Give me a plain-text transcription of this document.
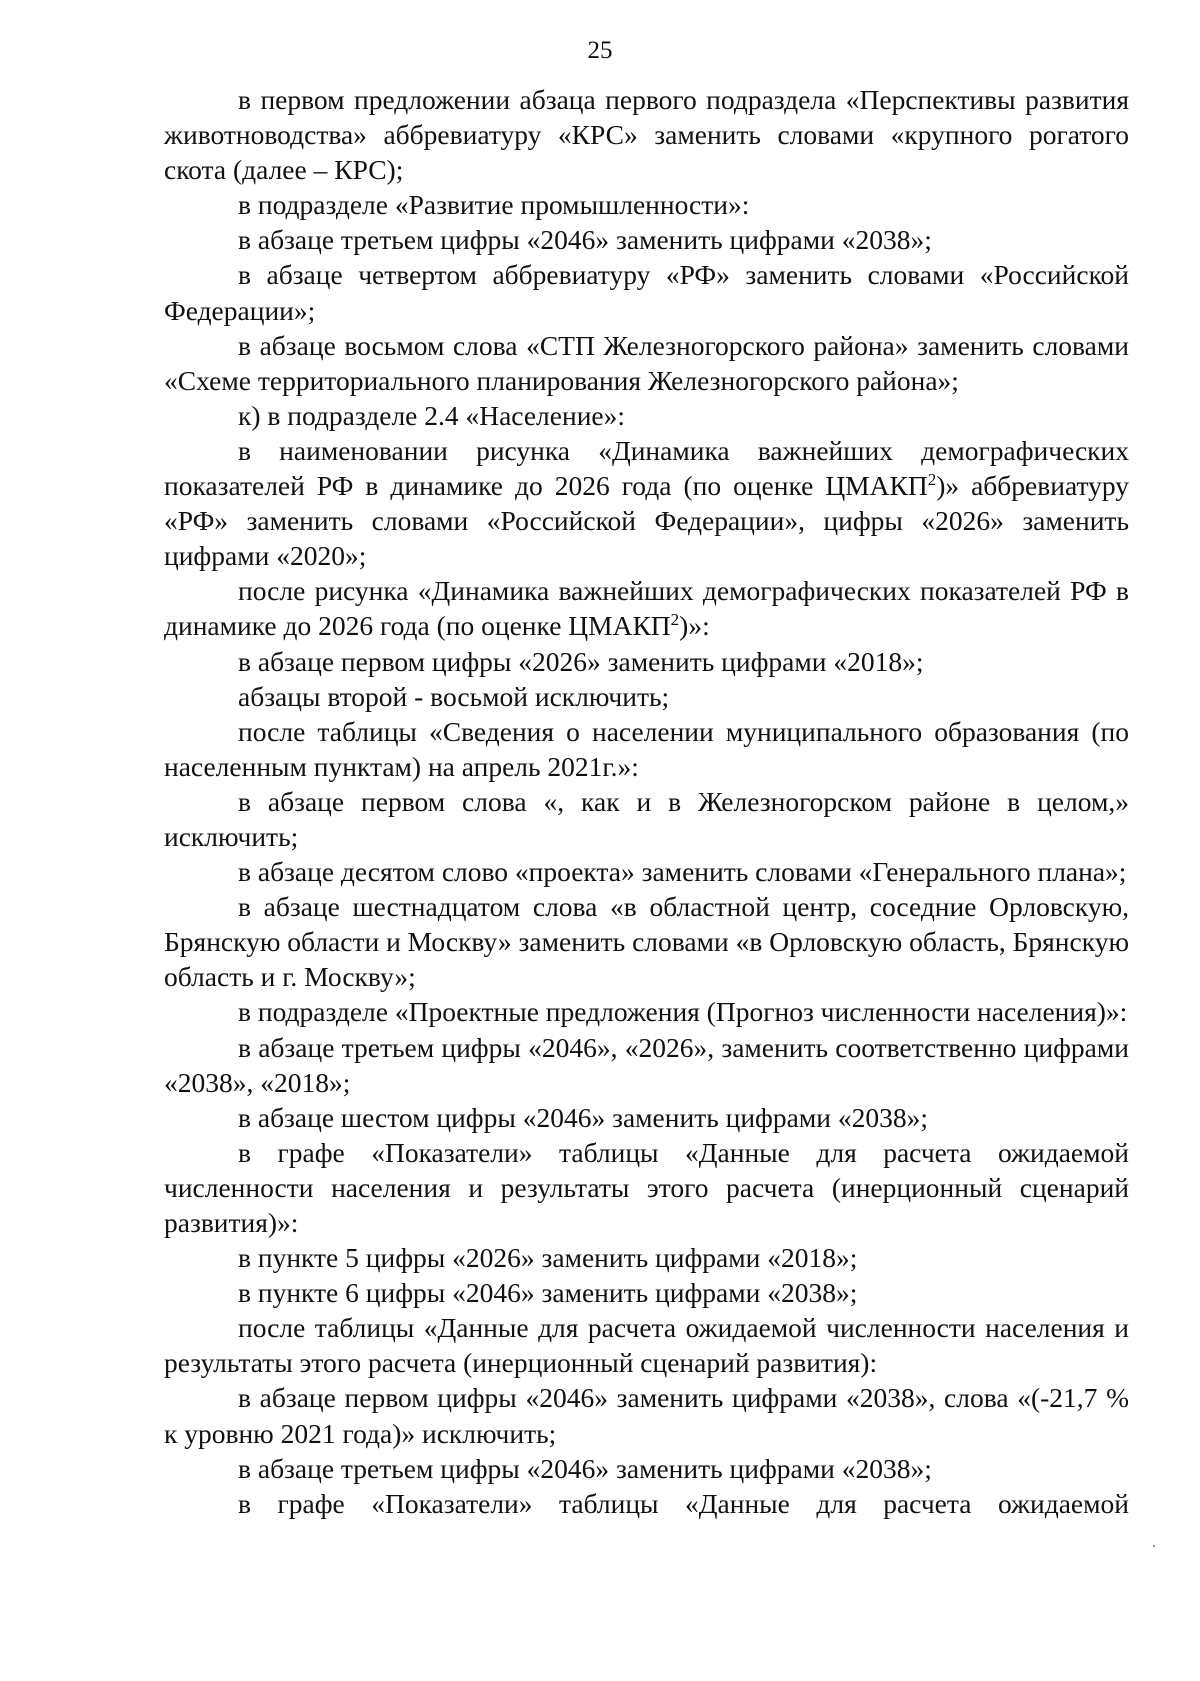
25

в первом предложении абзаца первого подраздела «Перспективы развития животноводства» аббревиатуру «КРС» заменить словами «крупного рогатого скота (далее – КРС);

в подразделе «Развитие промышленности»:

в абзаце третьем цифры «2046» заменить цифрами «2038»;

в абзаце четвертом аббревиатуру «РФ» заменить словами «Российской Федерации»;

в абзаце восьмом слова «СТП Железногорского района» заменить словами «Схеме территориального планирования Железногорского района»;

к) в подразделе 2.4 «Население»:

в наименовании рисунка «Динамика важнейших демографических показателей РФ в динамике до 2026 года (по оценке ЦМАКП$^2$)» аббревиатуру «РФ» заменить словами «Российской Федерации», цифры «2026» заменить цифрами «2020»;

после рисунка «Динамика важнейших демографических показателей РФ в динамике до 2026 года (по оценке ЦМАКП$^2$)»:

в абзаце первом цифры «2026» заменить цифрами «2018»;

абзацы второй - восьмой исключить;

после таблицы «Сведения о населении муниципального образования (по населенным пунктам) на апрель 2021г.»:

в абзаце первом слова «, как и в Железногорском районе в целом,» исключить;

в абзаце десятом слово «проекта» заменить словами «Генерального плана»;

в абзаце шестнадцатом слова «в областной центр, соседние Орловскую, Брянскую области и Москву» заменить словами «в Орловскую область, Брянскую область и г. Москву»;

в подразделе «Проектные предложения (Прогноз численности населения)»:

в абзаце третьем цифры «2046», «2026», заменить соответственно цифрами «2038», «2018»;

в абзаце шестом цифры «2046» заменить цифрами «2038»;

в графе «Показатели» таблицы «Данные для расчета ожидаемой численности населения и результаты этого расчета (инерционный сценарий развития)»:

в пункте 5 цифры «2026» заменить цифрами «2018»;

в пункте 6 цифры «2046» заменить цифрами «2038»;

после таблицы «Данные для расчета ожидаемой численности населения и результаты этого расчета (инерционный сценарий развития):

в абзаце первом цифры «2046» заменить цифрами «2038», слова «(-21,7 % к уровню 2021 года)» исключить;

в абзаце третьем цифры «2046» заменить цифрами «2038»;

в графе «Показатели» таблицы «Данные для расчета ожидаемой
